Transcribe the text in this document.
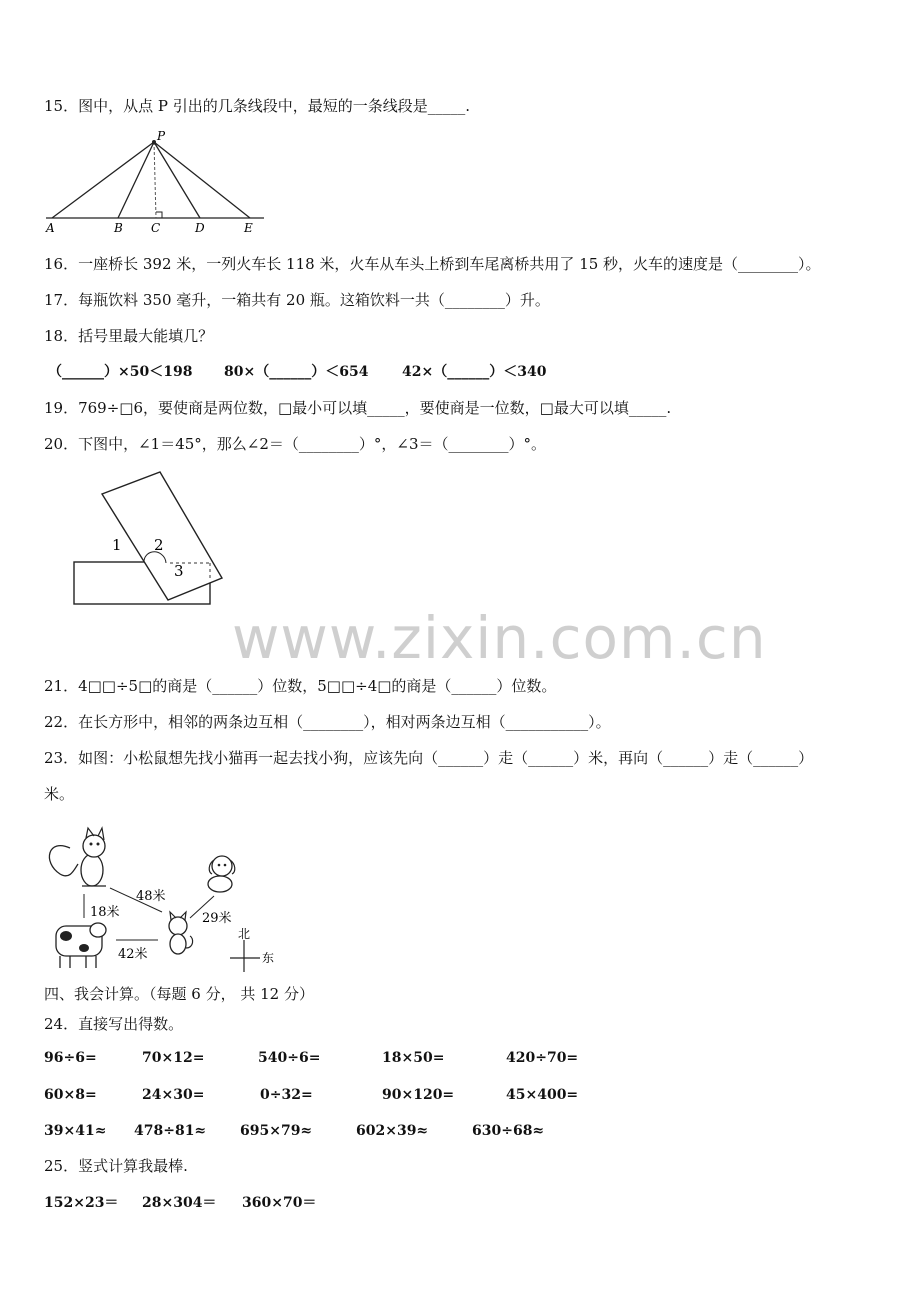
15．图中，从点 P 引出的几条线段中，最短的一条线段是_____.
P
A	B C	D	E
16．一座桥长 392 米，一列火车长 118 米，火车从车头上桥到车尾离桥共用了 15 秒，火车的速度是（________）。
17．每瓶饮料 350 毫升，一箱共有 20 瓶。这箱饮料一共（________）升。
18．括号里最大能填几？
（______）×50＜198 80×（______）＜654 42×（______）＜340
19．769÷□6，要使商是两位数，□最小可以填_____，要使商是一位数，□最大可以填_____.
20．下图中，∠1＝45°，那么∠2＝（________）°，∠3＝（________）°。
1 2
3
www.zixin.com.cn
21．4□□÷5□的商是（______）位数，5□□÷4□的商是（______）位数。
22．在长方形中，相邻的两条边互相（________），相对两条边互相（___________）。
23．如图：小松鼠想先找小猫再一起去找小狗，应该先向（______）走（______）米，再向（______）走（______）
米。
48米
18米	29米
42米
北
东
四、我会计算。（每题 6 分， 共 12 分）
24．直接写出得数。
96÷6=	70×12=	540÷6=	18×50=	420÷70=
60×8=	24×30=	0÷32=	90×120=	45×400=
39×41≈ 478÷81≈ 695×79≈	602×39≈	630÷68≈
25．竖式计算我最棒.
152×23＝ 28×304＝ 360×70＝
